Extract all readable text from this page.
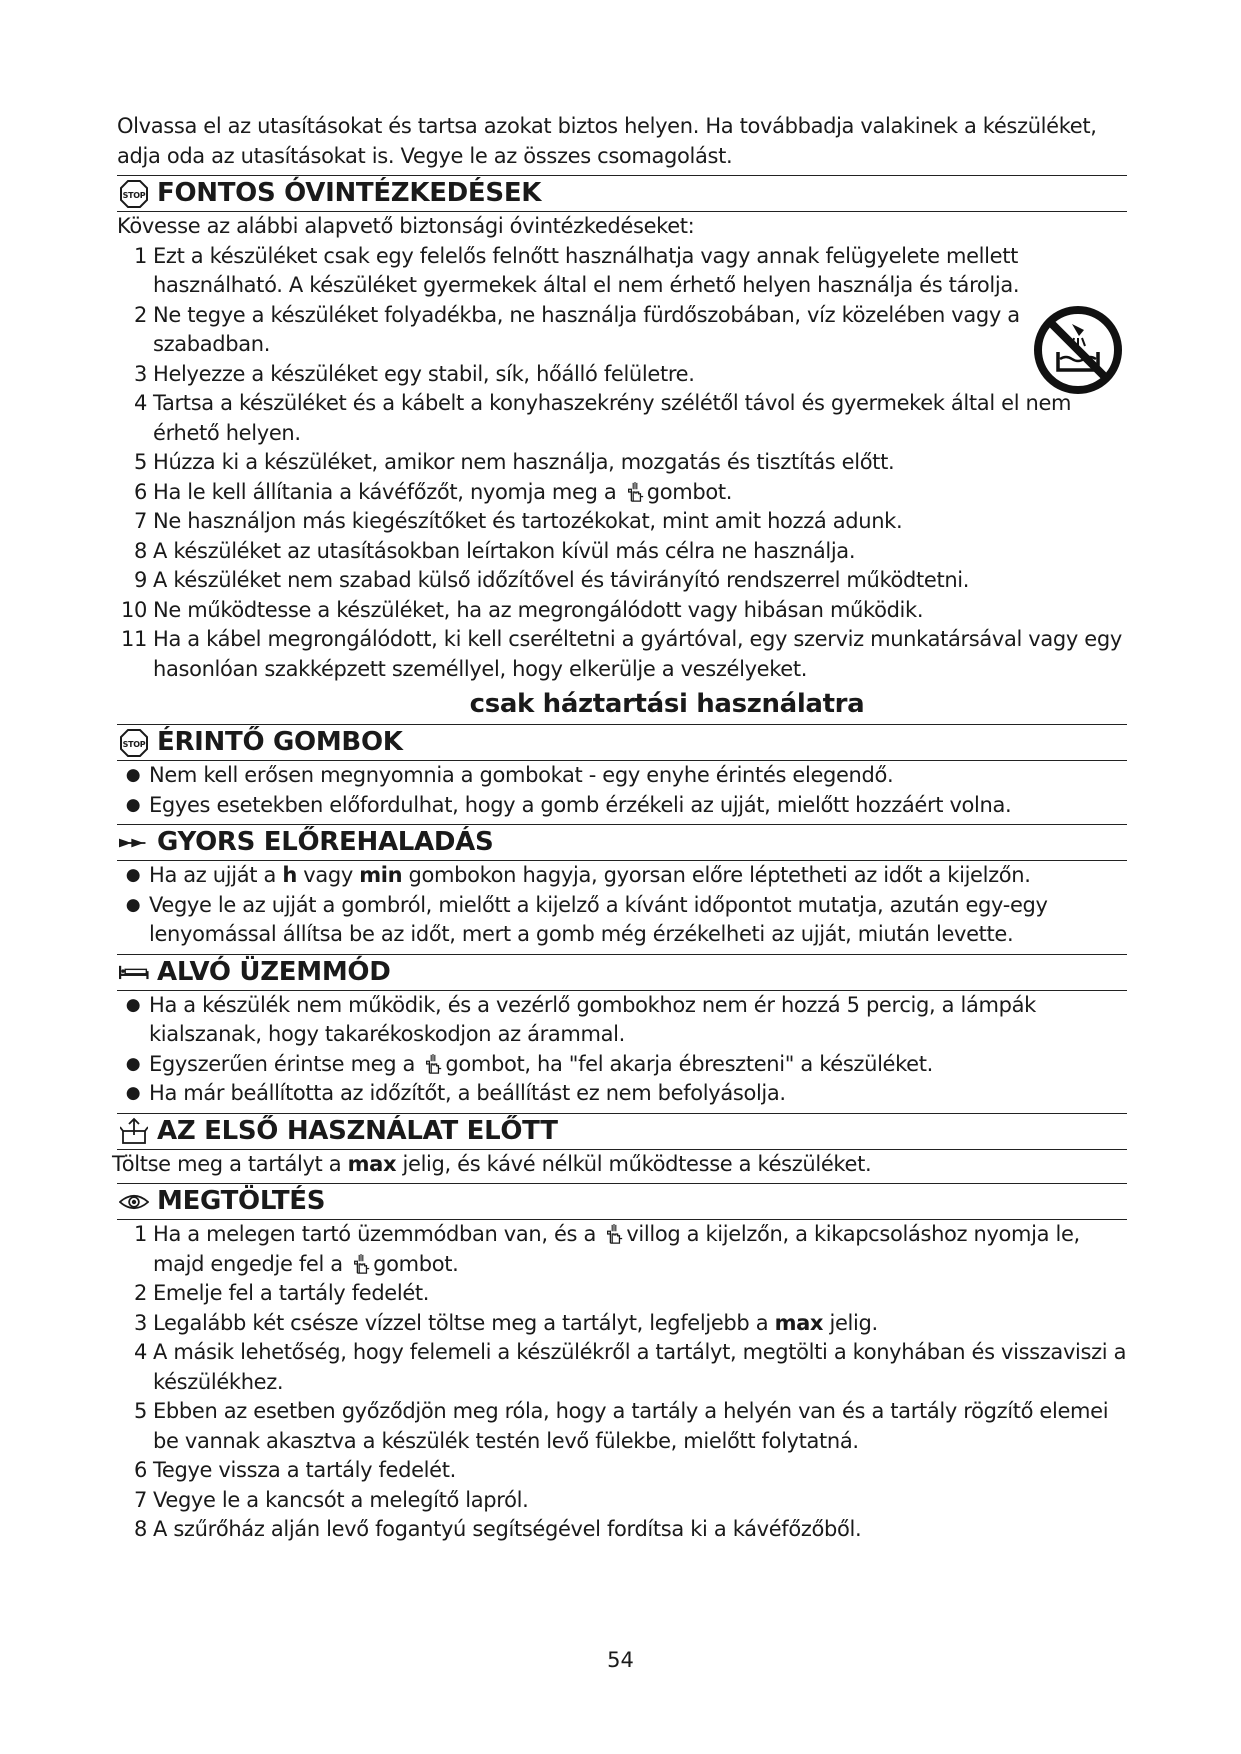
Olvassa el az utasításokat és tartsa azokat biztos helyen. Ha továbbadja valakinek a készüléket, adja oda az utasításokat is. Vegye le az összes csomagolást.

FONTOS ÓVINTÉZKEDÉSEK

Kövesse az alábbi alapvető biztonsági óvintézkedéseket:

1 Ezt a készüléket csak egy felelős felnőtt használhatja vagy annak felügyelete mellett használható. A készüléket gyermekek által el nem érhető helyen használja és tárolja.
2 Ne tegye a készüléket folyadékba, ne használja fürdőszobában, víz közelében vagy a szabadban.
3 Helyezze a készüléket egy stabil, sík, hőálló felületre.
4 Tartsa a készüléket és a kábelt a konyhaszekrény szélétől távol és gyermekek által el nem érhető helyen.
5 Húzza ki a készüléket, amikor nem használja, mozgatás és tisztítás előtt.
6 Ha le kell állítania a kávéfőzőt, nyomja meg a gombot.
7 Ne használjon más kiegészítőket és tartozékokat, mint amit hozzá adunk.
8 A készüléket az utasításokban leírtakon kívül más célra ne használja.
9 A készüléket nem szabad külső időzítővel és távirányító rendszerrel működtetni.
10 Ne működtesse a készüléket, ha az megrongálódott vagy hibásan működik.
11 Ha a kábel megrongálódott, ki kell cseréltetni a gyártóval, egy szerviz munkatársával vagy egy hasonlóan szakképzett személlyel, hogy elkerülje a veszélyeket.

csak háztartási használatra

ÉRINTŐ GOMBOK
● Nem kell erősen megnyomnia a gombokat - egy enyhe érintés elegendő.
● Egyes esetekben előfordulhat, hogy a gomb érzékeli az ujját, mielőtt hozzáért volna.
GYORS ELŐREHALADÁS
● Ha az ujját a h vagy min gombokon hagyja, gyorsan előre léptetheti az időt a kijelzőn.
● Vegye le az ujját a gombról, mielőtt a kijelző a kívánt időpontot mutatja, azután egy-egy lenyomással állítsa be az időt, mert a gomb még érzékelheti az ujját, miután levette.
ALVÓ ÜZEMMÓD
● Ha a készülék nem működik, és a vezérlő gombokhoz nem ér hozzá 5 percig, a lámpák kialszanak, hogy takarékoskodjon az árammal.
● Egyszerűen érintse meg a gombot, ha "fel akarja ébreszteni" a készüléket.
● Ha már beállította az időzítőt, a beállítást ez nem befolyásolja.
AZ ELSŐ HASZNÁLAT ELŐTT

Töltse meg a tartályt a max jelig, és kávé nélkül működtesse a készüléket.

MEGTÖLTÉS
1 Ha a melegen tartó üzemmódban van, és a villog a kijelzőn, a kikapcsoláshoz nyomja le, majd engedje fel a gombot.
2 Emelje fel a tartály fedelét.
3 Legalább két csésze vízzel töltse meg a tartályt, legfeljebb a max jelig.
4 A másik lehetőség, hogy felemeli a készülékről a tartályt, megtölti a konyhában és visszaviszi a készülékhez.
5 Ebben az esetben győződjön meg róla, hogy a tartály a helyén van és a tartály rögzítő elemei be vannak akasztva a készülék testén levő fülekbe, mielőtt folytatná.
6 Tegye vissza a tartály fedelét.
7 Vegye le a kancsót a melegítő lapról.
8 A szűrőház alján levő fogantyú segítségével fordítsa ki a kávéfőzőből.
54
